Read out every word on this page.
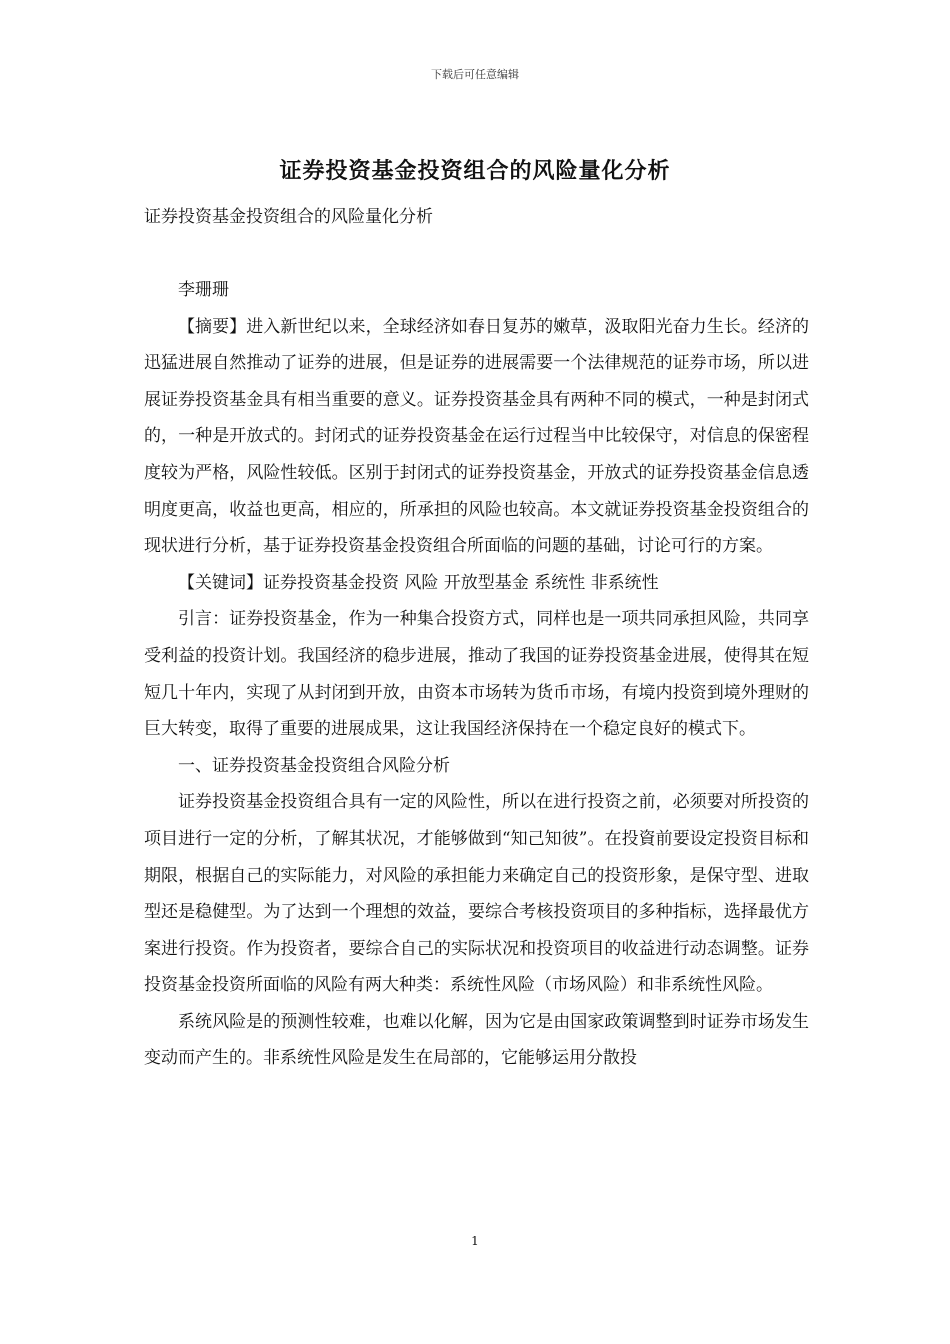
下载后可任意编辑
证券投资基金投资组合的风险量化分析
证券投资基金投资组合的风险量化分析

李珊珊

【摘要】进入新世纪以来，全球经济如春日复苏的嫩草，汲取阳光奋力生长。经济的迅猛进展自然推动了证券的进展，但是证券的进展需要一个法律规范的证券市场，所以进展证券投资基金具有相当重要的意义。证券投资基金具有两种不同的模式，一种是封闭式的，一种是开放式的。封闭式的证券投资基金在运行过程当中比较保守，对信息的保密程度较为严格，风险性较低。区别于封闭式的证券投资基金，开放式的证券投资基金信息透明度更高，收益也更高，相应的，所承担的风险也较高。本文就证券投资基金投资组合的现状进行分析，基于证券投资基金投资组合所面临的问题的基础，讨论可行的方案。

【关键词】证券投资基金投资 风险 开放型基金 系统性 非系统性

引言：证券投资基金，作为一种集合投资方式，同样也是一项共同承担风险，共同享受利益的投资计划。我国经济的稳步进展，推动了我国的证券投资基金进展，使得其在短短几十年内，实现了从封闭到开放，由资本市场转为货币市场，有境内投资到境外理财的巨大转变，取得了重要的进展成果，这让我国经济保持在一个稳定良好的模式下。

一、证券投资基金投资组合风险分析

证券投资基金投资组合具有一定的风险性，所以在进行投资之前，必须要对所投资的项目进行一定的分析，了解其状况，才能够做到“知己知彼”。在投資前要设定投资目标和期限，根据自己的实际能力，对风险的承担能力来确定自己的投资形象，是保守型、进取型还是稳健型。为了达到一个理想的效益，要综合考核投资项目的多种指标，选择最优方案进行投资。作为投资者，要综合自己的实际状况和投资项目的收益进行动态调整。证券投资基金投资所面临的风险有两大种类：系统性风险（市场风险）和非系统性风险。

系统风险是的预测性较难，也难以化解，因为它是由国家政策调整到时证券市场发生变动而产生的。非系统性风险是发生在局部的，它能够运用分散投

1
